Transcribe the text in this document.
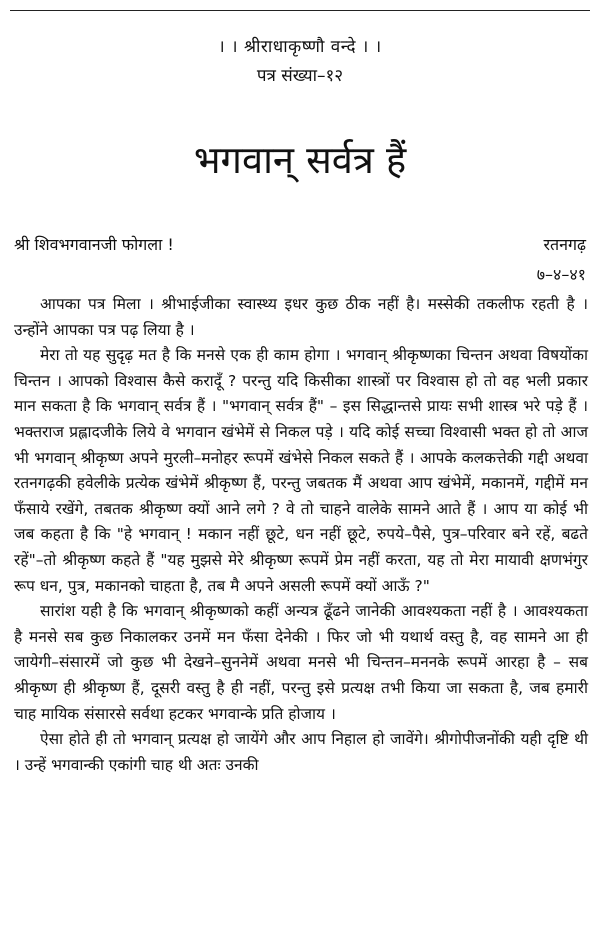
। । श्रीराधाकृष्णौ वन्दे । ।
पत्र संख्या–१२
भगवान् सर्वत्र हैं
श्री शिवभगवानजी फोगला !	रतनगढ़
७–४–४१

आपका पत्र मिला । श्रीभाईजीका स्वास्थ्य इधर कुछ ठीक नहीं है। मस्सेकी तकलीफ रहती है । उन्होंने आपका पत्र पढ़ लिया है ।

मेरा तो यह सुदृढ़ मत है कि मनसे एक ही काम होगा । भगवान् श्रीकृष्णका चिन्तन अथवा विषयोंका चिन्तन । आपको विश्वास कैसे करादूँ ? परन्तु यदि किसीका शास्त्रों पर विश्वास हो तो वह भली प्रकार मान सकता है कि भगवान् सर्वत्र हैं । "भगवान् सर्वत्र हैं" – इस सिद्धान्तसे प्रायः सभी शास्त्र भरे पड़े हैं । भक्तराज प्रह्लादजीके लिये वे भगवान खंभेमें से निकल पड़े । यदि कोई सच्चा विश्वासी भक्त हो तो आज भी भगवान् श्रीकृष्ण अपने मुरली–मनोहर रूपमें खंभेसे निकल सकते हैं । आपके कलकत्तेकी गद्दी अथवा रतनगढ़की हवेलीके प्रत्येक खंभेमें श्रीकृष्ण हैं, परन्तु जबतक मैं अथवा आप खंभेमें, मकानमें, गद्दीमें मन फँसाये रखेंगे, तबतक श्रीकृष्ण क्यों आने लगे ? वे तो चाहने वालेके सामने आते हैं । आप या कोई भी जब कहता है कि "हे भगवान् ! मकान नहीं छूटे, धन नहीं छूटे, रुपये–पैसे, पुत्र–परिवार बने रहें, बढते रहें"–तो श्रीकृष्ण कहते हैं "यह मुझसे मेरे श्रीकृष्ण रूपमें प्रेम नहीं करता, यह तो मेरा मायावी क्षणभंगुर रूप धन, पुत्र, मकानको चाहता है, तब मै अपने असली रूपमें क्यों आऊँ ?"

सारांश यही है कि भगवान् श्रीकृष्णको कहीं अन्यत्र ढूँढने जानेकी आवश्यकता नहीं है । आवश्यकता है मनसे सब कुछ निकालकर उनमें मन फँसा देनेकी । फिर जो भी यथार्थ वस्तु है, वह सामने आ ही जायेगी–संसारमें जो कुछ भी देखने–सुननेमें अथवा मनसे भी चिन्तन–मननके रूपमें आरहा है – सब श्रीकृष्ण ही श्रीकृष्ण हैं, दूसरी वस्तु है ही नहीं, परन्तु इसे प्रत्यक्ष तभी किया जा सकता है, जब हमारी चाह मायिक संसारसे सर्वथा हटकर भगवान्के प्रति होजाय ।

ऐसा होते ही तो भगवान् प्रत्यक्ष हो जायेंगे और आप निहाल हो जावेंगे। श्रीगोपीजनोंकी यही दृष्टि थी । उन्हें भगवान्की एकांगी चाह थी अतः उनकी
